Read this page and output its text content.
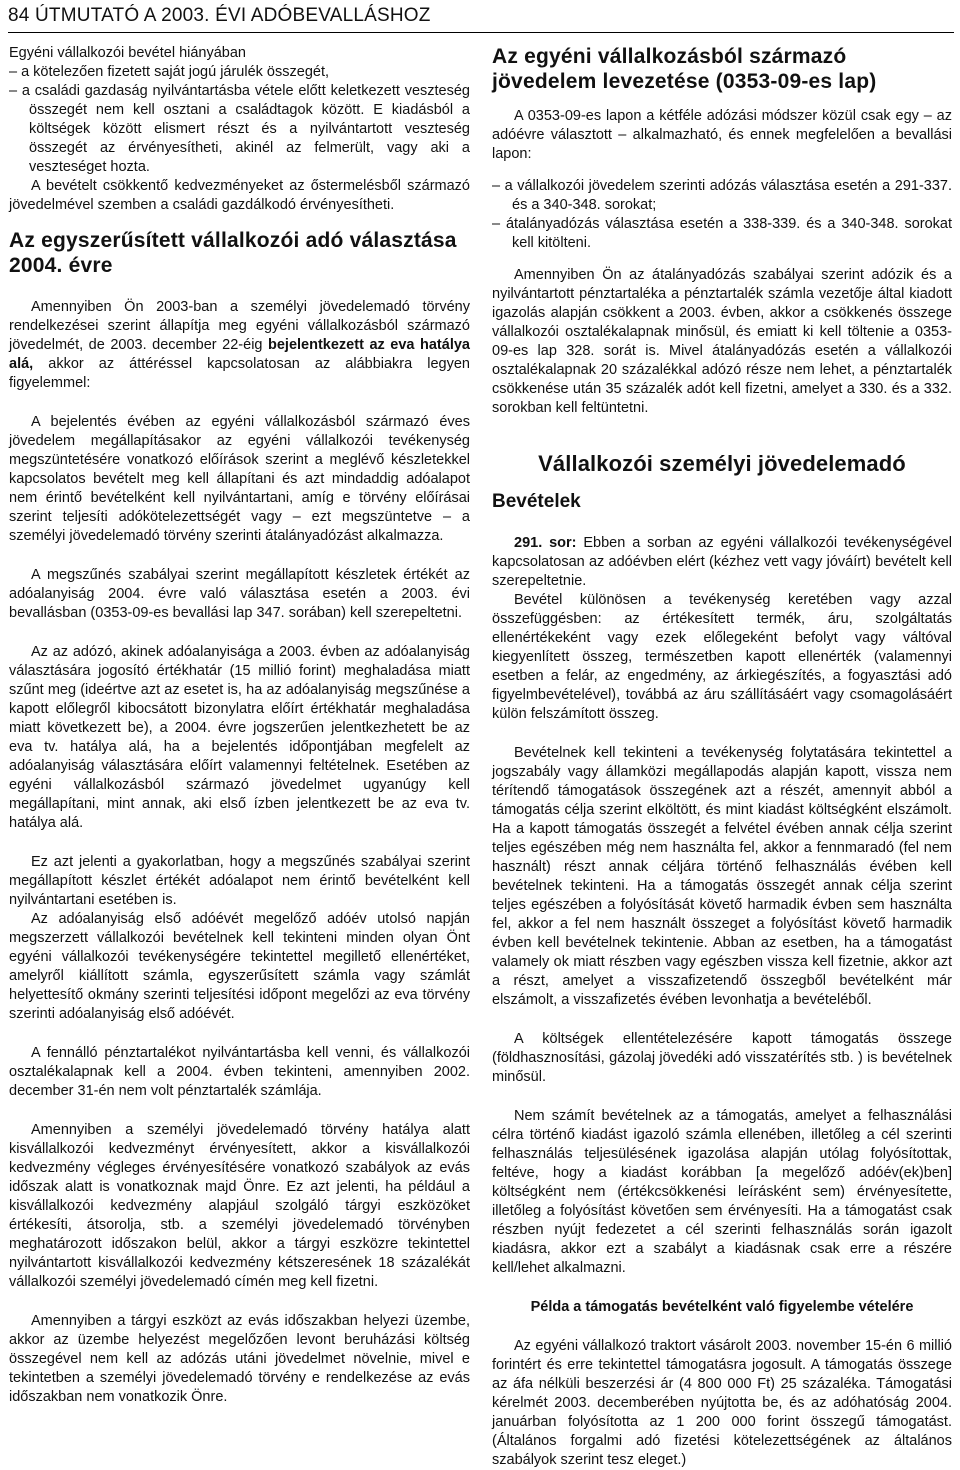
84 ÚTMUTATÓ A 2003. ÉVI ADÓBEVALLÁSHOZ

Egyéni vállalkozói bevétel hiányában

– a kötelezően fizetett saját jogú járulék összegét,

– a családi gazdaság nyilvántartásba vétele előtt keletkezett veszteség összegét nem kell osztani a családtagok között. E kiadásból a költségek között elismert részt és a nyilvántartott veszteség összegét az érvényesítheti, akinél az felmerült, vagy aki a veszteséget hozta.

A bevételt csökkentő kedvezményeket az őstermelésből származó jövedelmével szemben a családi gazdálkodó érvényesítheti.

Az egyszerűsített vállalkozói adó választása 2004. évre

Amennyiben Ön 2003-ban a személyi jövedelemadó törvény rendelkezései szerint állapítja meg egyéni vállalkozásból származó jövedelmét, de 2003. december 22-éig bejelentkezett az eva hatálya alá, akkor az áttéréssel kapcsolatosan az alábbiakra legyen figyelemmel:

A bejelentés évében az egyéni vállalkozásból származó éves jövedelem megállapításakor az egyéni vállalkozói tevékenység megszüntetésére vonatkozó előírások szerint a meglévő készletekkel kapcsolatos bevételt meg kell állapítani és azt mindaddig adóalapot nem érintő bevételként kell nyilvántartani, amíg e törvény előírásai szerint teljesíti adókötelezettségét vagy – ezt megszüntetve – a személyi jövedelemadó törvény szerinti átalányadózást alkalmazza.

A megszűnés szabályai szerint megállapított készletek értékét az adóalanyiság 2004. évre való választása esetén a 2003. évi bevallásban (0353-09-es bevallási lap 347. sorában) kell szerepeltetni.

Az az adózó, akinek adóalanyisága a 2003. évben az adóalanyiság választására jogosító értékhatár (15 millió forint) meghaladása miatt szűnt meg (ideértve azt az esetet is, ha az adóalanyiság megszűnése a kapott előlegről kibocsátott bizonylatra előírt értékhatár meghaladása miatt következett be), a 2004. évre jogszerűen jelentkezhetett be az eva tv. hatálya alá, ha a bejelentés időpontjában megfelelt az adóalanyiság választására előírt valamennyi feltételnek. Esetében az egyéni vállalkozásból származó jövedelmet ugyanúgy kell megállapítani, mint annak, aki első ízben jelentkezett be az eva tv. hatálya alá.

Ez azt jelenti a gyakorlatban, hogy a megszűnés szabályai szerint megállapított készlet értékét adóalapot nem érintő bevételként kell nyilvántartani esetében is.

Az adóalanyiság első adóévét megelőző adóév utolsó napján megszerzett vállalkozói bevételnek kell tekinteni minden olyan Önt egyéni vállalkozói tevékenységére tekintettel megillető ellenértéket, amelyről kiállított számla, egyszerűsített számla vagy számlát helyettesítő okmány szerinti teljesítési időpont megelőzi az eva törvény szerinti adóalanyiság első adóévét.

A fennálló pénztartalékot nyilvántartásba kell venni, és vállalkozói osztalékalapnak kell a 2004. évben tekinteni, amennyiben 2002. december 31-én nem volt pénztartalék számlája.

Amennyiben a személyi jövedelemadó törvény hatálya alatt kisvállalkozói kedvezményt érvényesített, akkor a kisvállalkozói kedvezmény végleges érvényesítésére vonatkozó szabályok az evás időszak alatt is vonatkoznak majd Önre. Ez azt jelenti, ha például a kisvállalkozói kedvezmény alapjául szolgáló tárgyi eszközöket értékesíti, átsorolja, stb. a személyi jövedelemadó törvényben meghatározott időszakon belül, akkor a tárgyi eszközre tekintettel nyilvántartott kisvállalkozói kedvezmény kétszeresének 18 százalékát vállalkozói személyi jövedelemadó címén meg kell fizetni.

Amennyiben a tárgyi eszközt az evás időszakban helyezi üzembe, akkor az üzembe helyezést megelőzően levont beruházási költség összegével nem kell az adózás utáni jövedelmet növelnie, mivel e tekintetben a személyi jövedelemadó törvény e rendelkezése az evás időszakban nem vonatkozik Önre.

Az egyéni vállalkozásból származó jövedelem levezetése (0353-09-es lap)

A 0353-09-es lapon a kétféle adózási módszer közül csak egy – az adóévre választott – alkalmazható, és ennek megfelelően a bevallási lapon:

– a vállalkozói jövedelem szerinti adózás választása esetén a 291-337. és a 340-348. sorokat;

– átalányadózás választása esetén a 338-339. és a 340-348. sorokat kell kitölteni.

Amennyiben Ön az átalányadózás szabályai szerint adózik és a nyilvántartott pénztartaléka a pénztartalék számla vezetője által kiadott igazolás alapján csökkent a 2003. évben, akkor a csökkenés összege vállalkozói osztalékalapnak minősül, és emiatt ki kell töltenie a 0353-09-es lap 328. sorát is. Mivel átalányadózás esetén a vállalkozói osztalékalapnak 20 százalékkal adózó része nem lehet, a pénztartalék csökkenése után 35 százalék adót kell fizetni, amelyet a 330. és a 332. sorokban kell feltüntetni.

Vállalkozói személyi jövedelemadó
Bevételek

291. sor: Ebben a sorban az egyéni vállalkozói tevékenységével kapcsolatosan az adóévben elért (kézhez vett vagy jóváírt) bevételt kell szerepeltetnie.

Bevétel különösen a tevékenység keretében vagy azzal összefüggésben: az értékesített termék, áru, szolgáltatás ellenértékeként vagy ezek előlegeként befolyt vagy váltóval kiegyenlített összeg, természetben kapott ellenérték (valamennyi esetben a felár, az engedmény, az árkiegészítés, a fogyasztási adó figyelmbevételével), továbbá az áru szállításáért vagy csomagolásáért külön felszámított összeg.

Bevételnek kell tekinteni a tevékenység folytatására tekintettel a jogszabály vagy államközi megállapodás alapján kapott, vissza nem térítendő támogatások összegének azt a részét, amennyit abból a támogatás célja szerint elköltött, és mint kiadást költségként elszámolt. Ha a kapott támogatás összegét a felvétel évében annak célja szerint teljes egészében még nem használta fel, akkor a fennmaradó (fel nem használt) részt annak céljára történő felhasználás évében kell bevételnek tekinteni. Ha a támogatás összegét annak célja szerint teljes egészében a folyósítását követő harmadik évben sem használta fel, akkor a fel nem használt összeget a folyósítást követő harmadik évben kell bevételnek tekintenie. Abban az esetben, ha a támogatást valamely ok miatt részben vagy egészben vissza kell fizetnie, akkor azt a részt, amelyet a visszafizetendő összegből bevételként már elszámolt, a visszafizetés évében levonhatja a bevételéből.

A költségek ellentételezésére kapott támogatás összege (földhasznosítási, gázolaj jövedéki adó visszatérítés stb. ) is bevételnek minősül.

Nem számít bevételnek az a támogatás, amelyet a felhasználási célra történő kiadást igazoló számla ellenében, illetőleg a cél szerinti felhasználás teljesülésének igazolása alapján utólag folyósítottak, feltéve, hogy a kiadást korábban [a megelőző adóév(ek)ben] költségként nem (értékcsökkenési leírásként sem) érvényesítette, illetőleg a folyósítást követően sem érvényesíti. Ha a támogatást csak részben nyújt fedezetet a cél szerinti felhasználás során igazolt kiadásra, akkor ezt a szabályt a kiadásnak csak erre a részére kell/lehet alkalmazni.

Példa a támogatás bevételként való figyelembe vételére

Az egyéni vállalkozó traktort vásárolt 2003. november 15-én 6 millió forintért és erre tekintettel támogatásra jogosult. A támogatás összege az áfa nélküli beszerzési ár (4 800 000 Ft) 25 százaléka. Támogatási kérelmét 2003. decemberében nyújtotta be, és az adóhatóság 2004. januárban folyósította az 1 200 000 forint összegű támogatást. (Általános forgalmi adó fizetési kötelezettségének az általános szabályok szerint tesz eleget.)
